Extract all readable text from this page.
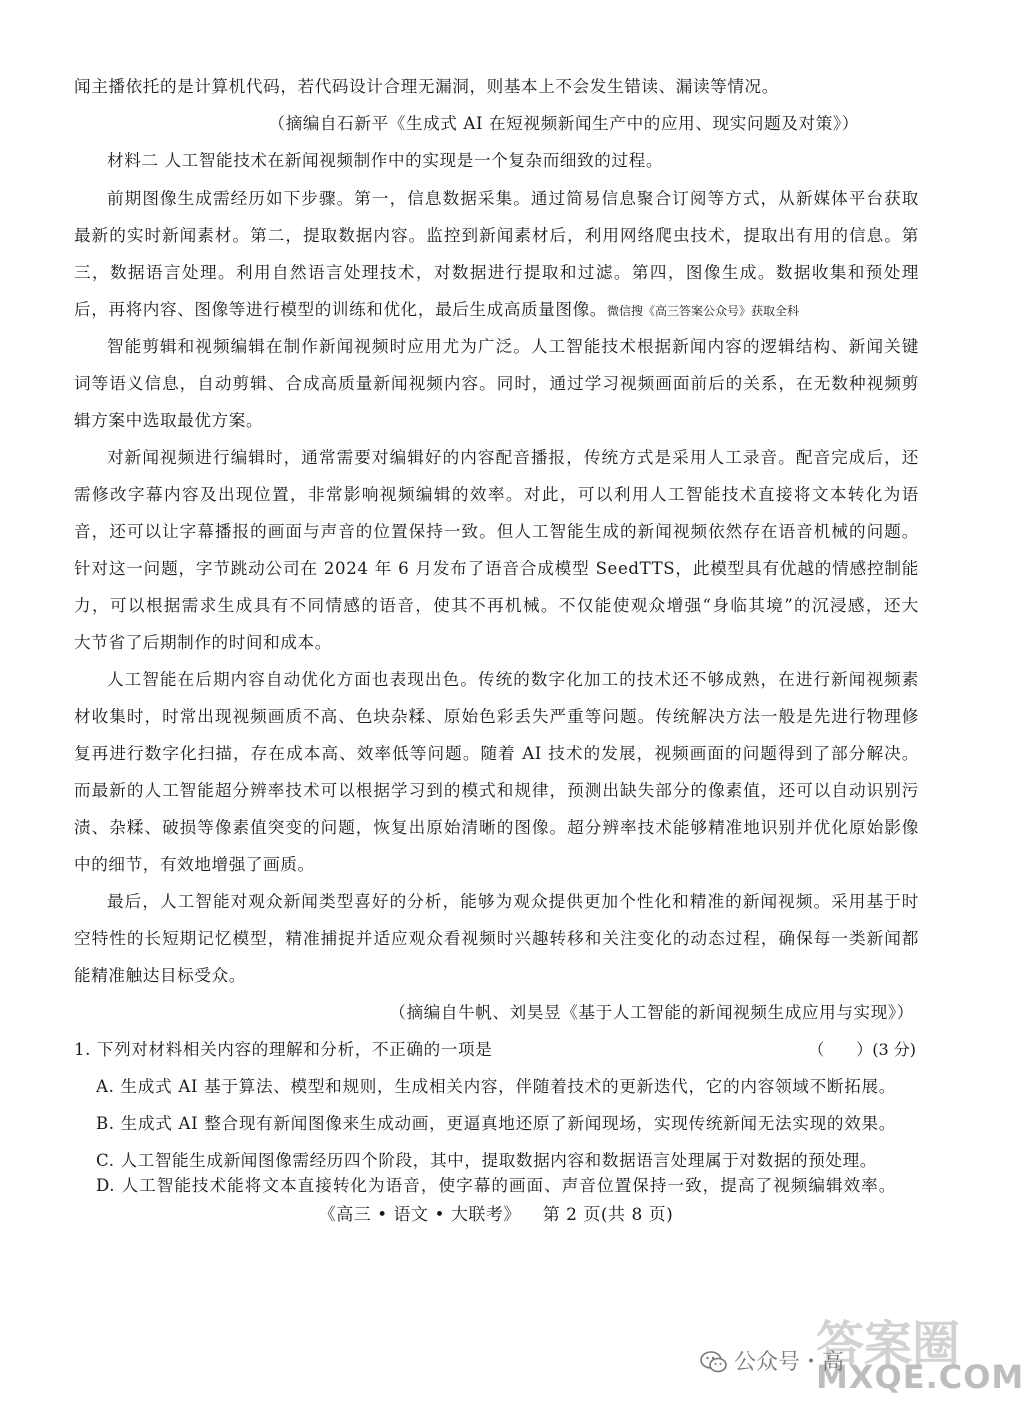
闻主播依托的是计算机代码，若代码设计合理无漏洞，则基本上不会发生错读、漏读等情况。
（摘编自石新平《生成式 AI 在短视频新闻生产中的应用、现实问题及对策》）
材料二 人工智能技术在新闻视频制作中的实现是一个复杂而细致的过程。
前期图像生成需经历如下步骤。第一，信息数据采集。通过简易信息聚合订阅等方式，从新媒体平台获取
最新的实时新闻素材。第二，提取数据内容。监控到新闻素材后，利用网络爬虫技术，提取出有用的信息。第
三，数据语言处理。利用自然语言处理技术，对数据进行提取和过滤。第四，图像生成。数据收集和预处理
后，再将内容、图像等进行模型的训练和优化，最后生成高质量图像。微信搜《高三答案公众号》获取全科
智能剪辑和视频编辑在制作新闻视频时应用尤为广泛。人工智能技术根据新闻内容的逻辑结构、新闻关键
词等语义信息，自动剪辑、合成高质量新闻视频内容。同时，通过学习视频画面前后的关系，在无数种视频剪
辑方案中选取最优方案。
对新闻视频进行编辑时，通常需要对编辑好的内容配音播报，传统方式是采用人工录音。配音完成后，还
需修改字幕内容及出现位置，非常影响视频编辑的效率。对此，可以利用人工智能技术直接将文本转化为语
音，还可以让字幕播报的画面与声音的位置保持一致。但人工智能生成的新闻视频依然存在语音机械的问题。
针对这一问题，字节跳动公司在 2024 年 6 月发布了语音合成模型 SeedTTS，此模型具有优越的情感控制能
力，可以根据需求生成具有不同情感的语音，使其不再机械。不仅能使观众增强“身临其境”的沉浸感，还大
大节省了后期制作的时间和成本。
人工智能在后期内容自动优化方面也表现出色。传统的数字化加工的技术还不够成熟，在进行新闻视频素
材收集时，时常出现视频画质不高、色块杂糅、原始色彩丢失严重等问题。传统解决方法一般是先进行物理修
复再进行数字化扫描，存在成本高、效率低等问题。随着 AI 技术的发展，视频画面的问题得到了部分解决。
而最新的人工智能超分辨率技术可以根据学习到的模式和规律，预测出缺失部分的像素值，还可以自动识别污
渍、杂糅、破损等像素值突变的问题，恢复出原始清晰的图像。超分辨率技术能够精准地识别并优化原始影像
中的细节，有效地增强了画质。
最后，人工智能对观众新闻类型喜好的分析，能够为观众提供更加个性化和精准的新闻视频。采用基于时
空特性的长短期记忆模型，精准捕捉并适应观众看视频时兴趣转移和关注变化的动态过程，确保每一类新闻都
能精准触达目标受众。
（摘编自牛帆、刘昊昱《基于人工智能的新闻视频生成应用与实现》）
1. 下列对材料相关内容的理解和分析，不正确的一项是	（　　）(3 分)
A. 生成式 AI 基于算法、模型和规则，生成相关内容，伴随着技术的更新迭代，它的内容领域不断拓展。
B. 生成式 AI 整合现有新闻图像来生成动画，更逼真地还原了新闻现场，实现传统新闻无法实现的效果。
C. 人工智能生成新闻图像需经历四个阶段，其中，提取数据内容和数据语言处理属于对数据的预处理。
D. 人工智能技术能将文本直接转化为语音，使字幕的画面、声音位置保持一致，提高了视频编辑效率。
《高三 • 语文 • 大联考》 第 2 页(共 8 页)
答案圈
MXQE.COM
公众号・高
